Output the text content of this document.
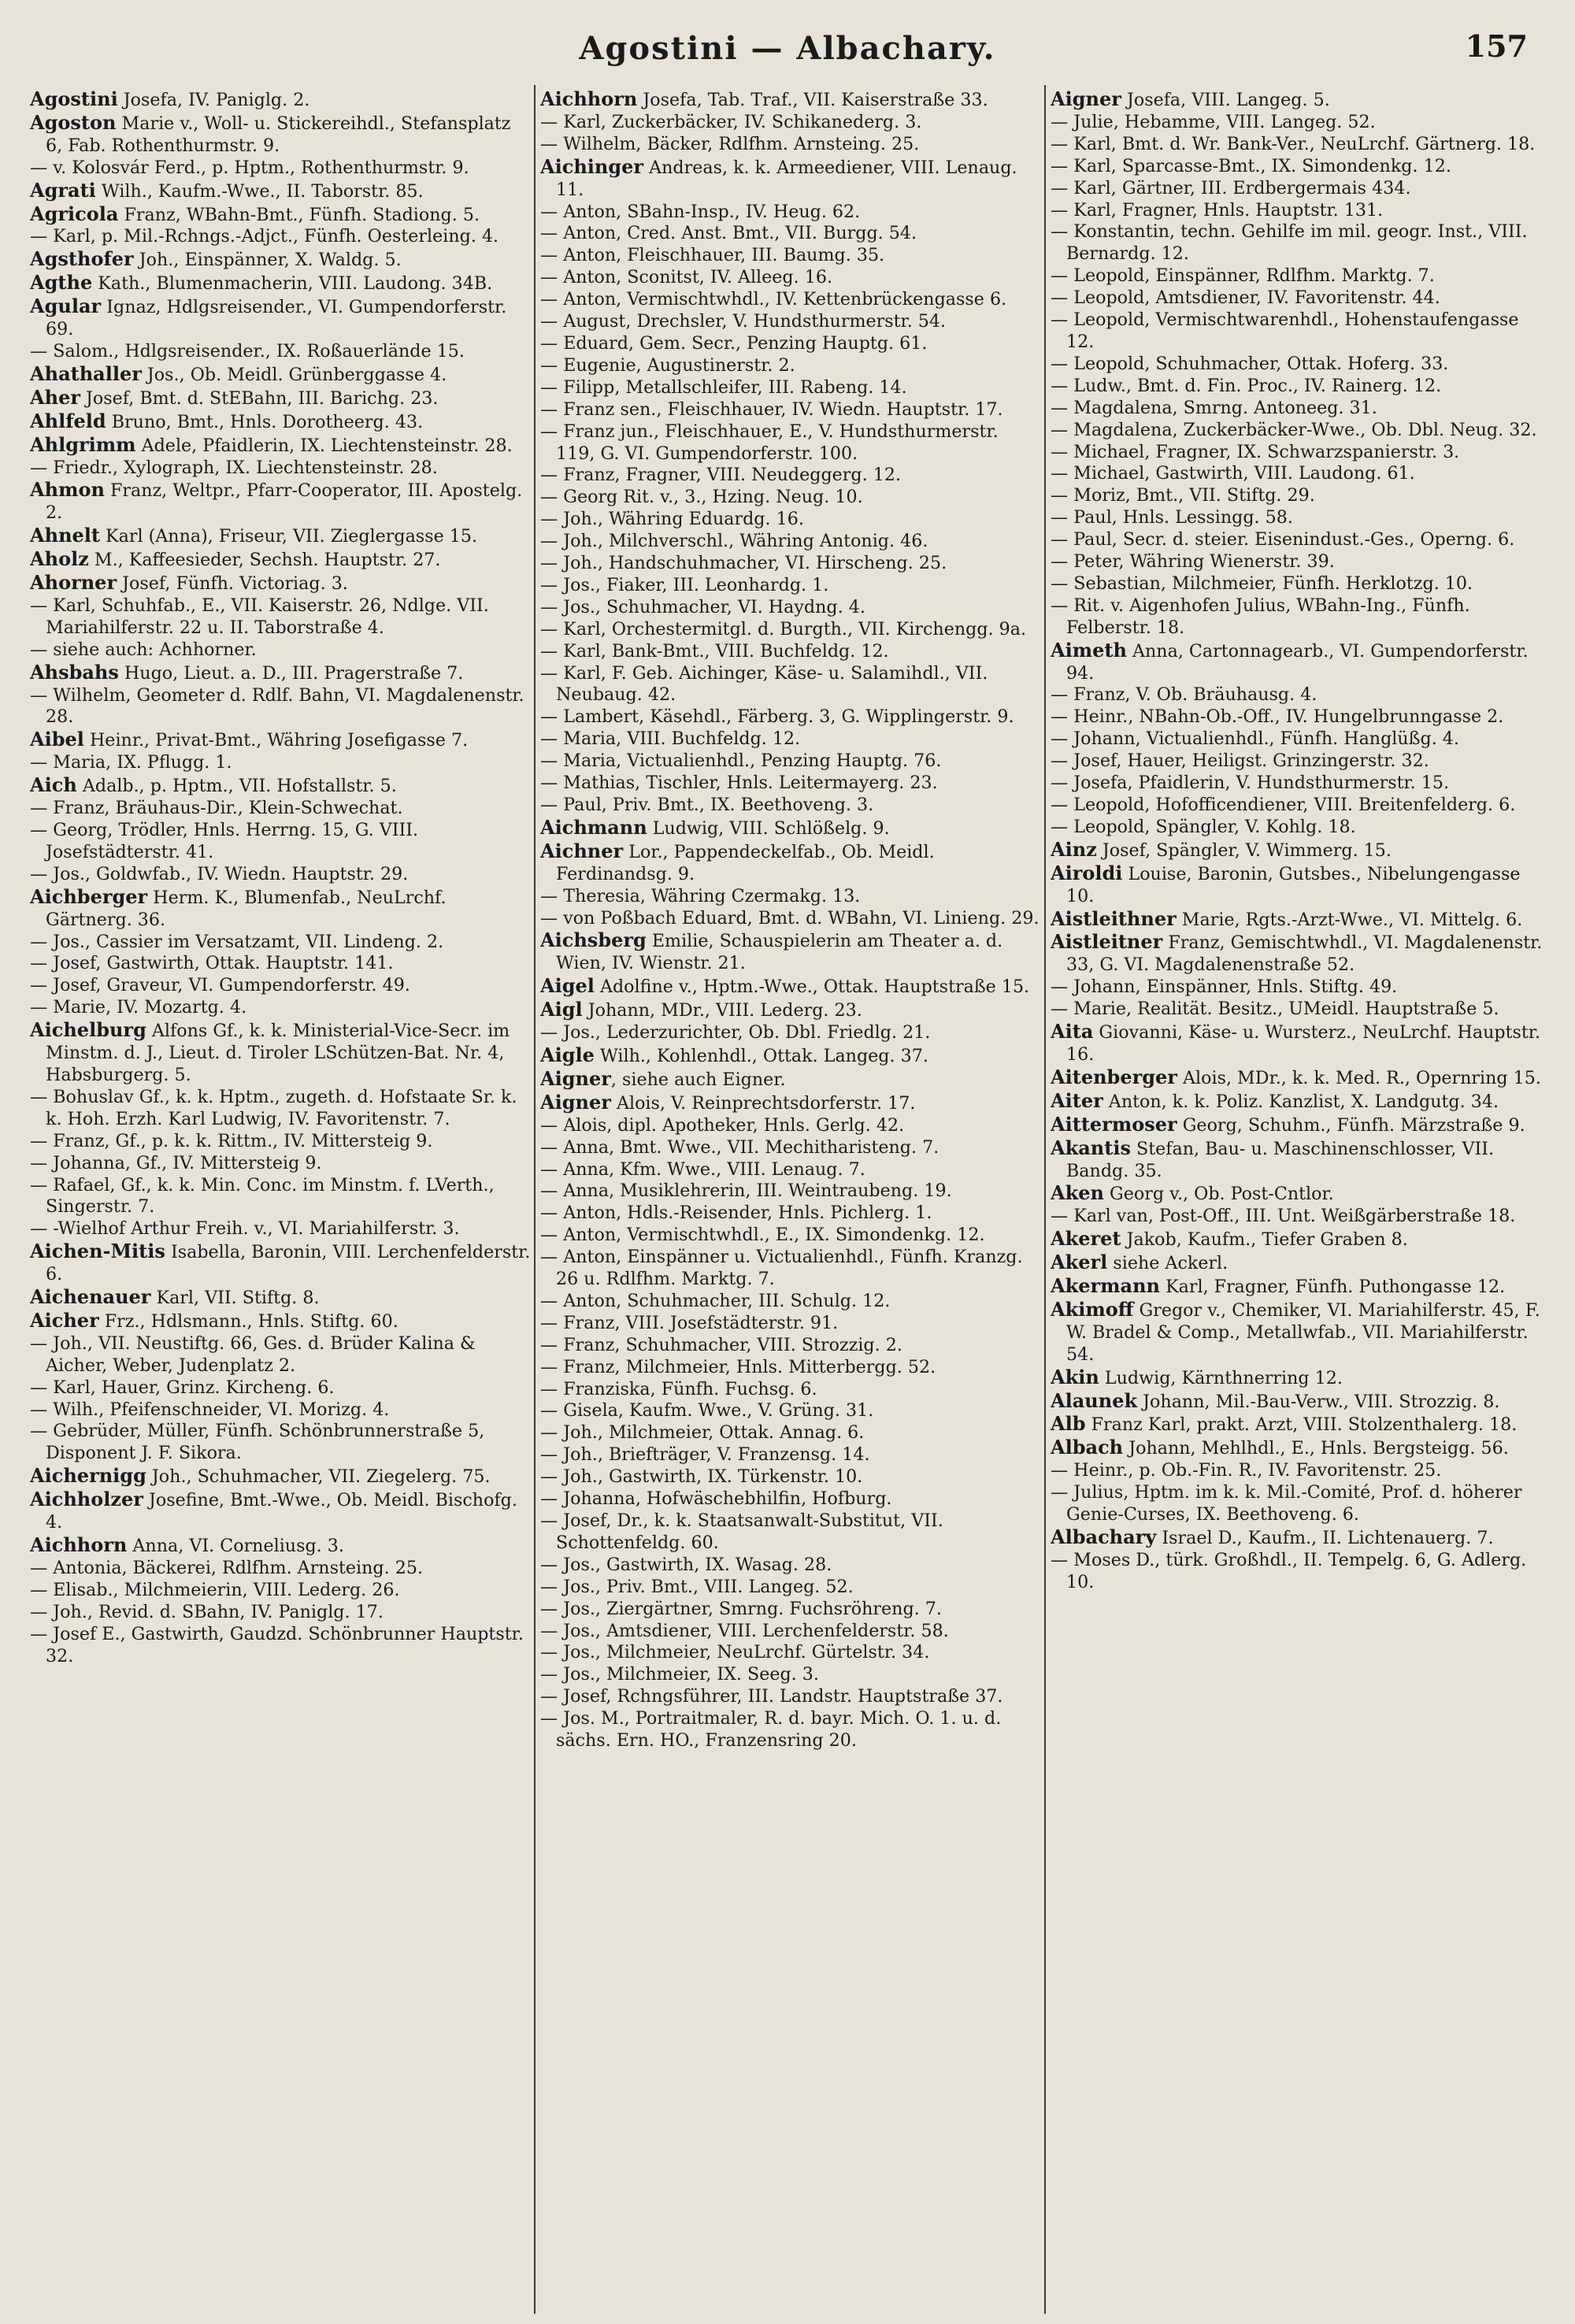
Agostini — Albachary.	157

Agostini Josefa, IV. Paniglg. 2.

Agoston Marie v., Woll- u. Stickereihdl., Stefansplatz 6, Fab. Rothenthurmstr. 9.

— v. Kolosvár Ferd., p. Hptm., Rothenthurmstr. 9.

Agrati Wilh., Kaufm.-Wwe., II. Taborstr. 85.

Agricola Franz, WBahn-Bmt., Fünfh. Stadiong. 5.

— Karl, p. Mil.-Rchngs.-Adjct., Fünfh. Oesterleing. 4.

Agsthofer Joh., Einspänner, X. Waldg. 5.

Agthe Kath., Blumenmacherin, VIII. Laudong. 34B.

Agular Ignaz, Hdlgsreisender., VI. Gumpendorferstr. 69.

— Salom., Hdlgsreisender., IX. Roßauerlände 15.

Ahathaller Jos., Ob. Meidl. Grünberggasse 4.

Aher Josef, Bmt. d. StEBahn, III. Barichg. 23.

Ahlfeld Bruno, Bmt., Hnls. Dorotheerg. 43.

Ahlgrimm Adele, Pfaidlerin, IX. Liechtensteinstr. 28.

— Friedr., Xylograph, IX. Liechtensteinstr. 28.

Ahmon Franz, Weltpr., Pfarr-Cooperator, III. Apostelg. 2.

Ahnelt Karl (Anna), Friseur, VII. Zieglergasse 15.

Aholz M., Kaffeesieder, Sechsh. Hauptstr. 27.

Ahorner Josef, Fünfh. Victoriag. 3.

— Karl, Schuhfab., E., VII. Kaiserstr. 26, Ndlge. VII. Mariahilferstr. 22 u. II. Taborstraße 4.

— siehe auch: Achhorner.

Ahsbahs Hugo, Lieut. a. D., III. Pragerstraße 7.

— Wilhelm, Geometer d. Rdlf. Bahn, VI. Magdalenenstr. 28.

Aibel Heinr., Privat-Bmt., Währing Josefigasse 7.

— Maria, IX. Pflugg. 1.

Aich Adalb., p. Hptm., VII. Hofstallstr. 5.

— Franz, Bräuhaus-Dir., Klein-Schwechat.

— Georg, Trödler, Hnls. Herrng. 15, G. VIII. Josefstädterstr. 41.

— Jos., Goldwfab., IV. Wiedn. Hauptstr. 29.

Aichberger Herm. K., Blumenfab., NeuLrchf. Gärtnerg. 36.

— Jos., Cassier im Versatzamt, VII. Lindeng. 2.

— Josef, Gastwirth, Ottak. Hauptstr. 141.

— Josef, Graveur, VI. Gumpendorferstr. 49.

— Marie, IV. Mozartg. 4.

Aichelburg Alfons Gf., k. k. Ministerial-Vice-Secr. im Minstm. d. J., Lieut. d. Tiroler LSchützen-Bat. Nr. 4, Habsburgerg. 5.

— Bohuslav Gf., k. k. Hptm., zugeth. d. Hofstaate Sr. k. k. Hoh. Erzh. Karl Ludwig, IV. Favoritenstr. 7.

— Franz, Gf., p. k. k. Rittm., IV. Mittersteig 9.

— Johanna, Gf., IV. Mittersteig 9.

— Rafael, Gf., k. k. Min. Conc. im Minstm. f. LVerth., Singerstr. 7.

— -Wielhof Arthur Freih. v., VI. Mariahilferstr. 3.

Aichen-Mitis Isabella, Baronin, VIII. Lerchenfelderstr. 6.

Aichenauer Karl, VII. Stiftg. 8.

Aicher Frz., Hdlsmann., Hnls. Stiftg. 60.

— Joh., VII. Neustiftg. 66, Ges. d. Brüder Kalina & Aicher, Weber, Judenplatz 2.

— Karl, Hauer, Grinz. Kircheng. 6.

— Wilh., Pfeifenschneider, VI. Morizg. 4.

— Gebrüder, Müller, Fünfh. Schönbrunnerstraße 5, Disponent J. F. Sikora.

Aichernigg Joh., Schuhmacher, VII. Ziegelerg. 75.

Aichholzer Josefine, Bmt.-Wwe., Ob. Meidl. Bischofg. 4.

Aichhorn Anna, VI. Corneliusg. 3.

— Antonia, Bäckerei, Rdlfhm. Arnsteing. 25.

— Elisab., Milchmeierin, VIII. Lederg. 26.

— Joh., Revid. d. SBahn, IV. Paniglg. 17.

— Josef E., Gastwirth, Gaudzd. Schönbrunner Hauptstr. 32.

Aichhorn Josefa, Tab. Traf., VII. Kaiserstraße 33.

— Karl, Zuckerbäcker, IV. Schikanederg. 3.

— Wilhelm, Bäcker, Rdlfhm. Arnsteing. 25.

Aichinger Andreas, k. k. Armeediener, VIII. Lenaug. 11.

— Anton, SBahn-Insp., IV. Heug. 62.

— Anton, Cred. Anst. Bmt., VII. Burgg. 54.

— Anton, Fleischhauer, III. Baumg. 35.

— Anton, Sconitst, IV. Alleeg. 16.

— Anton, Vermischtwhdl., IV. Kettenbrückengasse 6.

— August, Drechsler, V. Hundsthurmerstr. 54.

— Eduard, Gem. Secr., Penzing Hauptg. 61.

— Eugenie, Augustinerstr. 2.

— Filipp, Metallschleifer, III. Rabeng. 14.

— Franz sen., Fleischhauer, IV. Wiedn. Hauptstr. 17.

— Franz jun., Fleischhauer, E., V. Hundsthurmerstr. 119, G. VI. Gumpendorferstr. 100.

— Franz, Fragner, VIII. Neudeggerg. 12.

— Georg Rit. v., 3., Hzing. Neug. 10.

— Joh., Währing Eduardg. 16.

— Joh., Milchverschl., Währing Antonig. 46.

— Joh., Handschuhmacher, VI. Hirscheng. 25.

— Jos., Fiaker, III. Leonhardg. 1.

— Jos., Schuhmacher, VI. Haydng. 4.

— Karl, Orchestermitgl. d. Burgth., VII. Kirchengg. 9a.

— Karl, Bank-Bmt., VIII. Buchfeldg. 12.

— Karl, F. Geb. Aichinger, Käse- u. Salamihdl., VII. Neubaug. 42.

— Lambert, Käsehdl., Färberg. 3, G. Wipplingerstr. 9.

— Maria, VIII. Buchfeldg. 12.

— Maria, Victualienhdl., Penzing Hauptg. 76.

— Mathias, Tischler, Hnls. Leitermayerg. 23.

— Paul, Priv. Bmt., IX. Beethoveng. 3.

Aichmann Ludwig, VIII. Schlößelg. 9.

Aichner Lor., Pappendeckelfab., Ob. Meidl. Ferdinandsg. 9.

— Theresia, Währing Czermakg. 13.

— von Poßbach Eduard, Bmt. d. WBahn, VI. Linieng. 29.

Aichsberg Emilie, Schauspielerin am Theater a. d. Wien, IV. Wienstr. 21.

Aigel Adolfine v., Hptm.-Wwe., Ottak. Hauptstraße 15.

Aigl Johann, MDr., VIII. Lederg. 23.

— Jos., Lederzurichter, Ob. Dbl. Friedlg. 21.

Aigle Wilh., Kohlenhdl., Ottak. Langeg. 37.

Aigner, siehe auch Eigner.

Aigner Alois, V. Reinprechtsdorferstr. 17.

— Alois, dipl. Apotheker, Hnls. Gerlg. 42.

— Anna, Bmt. Wwe., VII. Mechitharisteng. 7.

— Anna, Kfm. Wwe., VIII. Lenaug. 7.

— Anna, Musiklehrerin, III. Weintraubeng. 19.

— Anton, Hdls.-Reisender, Hnls. Pichlerg. 1.

— Anton, Vermischtwhdl., E., IX. Simondenkg. 12.

— Anton, Einspänner u. Victualienhdl., Fünfh. Kranzg. 26 u. Rdlfhm. Marktg. 7.

— Anton, Schuhmacher, III. Schulg. 12.

— Franz, VIII. Josefstädterstr. 91.

— Franz, Schuhmacher, VIII. Strozzig. 2.

— Franz, Milchmeier, Hnls. Mitterbergg. 52.

— Franziska, Fünfh. Fuchsg. 6.

— Gisela, Kaufm. Wwe., V. Grüng. 31.

— Joh., Milchmeier, Ottak. Annag. 6.

— Joh., Briefträger, V. Franzensg. 14.

— Joh., Gastwirth, IX. Türkenstr. 10.

— Johanna, Hofwäschebhilfin, Hofburg.

— Josef, Dr., k. k. Staatsanwalt-Substitut, VII. Schottenfeldg. 60.

— Jos., Gastwirth, IX. Wasag. 28.

— Jos., Priv. Bmt., VIII. Langeg. 52.

— Jos., Ziergärtner, Smrng. Fuchsröhreng. 7.

— Jos., Amtsdiener, VIII. Lerchenfelderstr. 58.

— Jos., Milchmeier, NeuLrchf. Gürtelstr. 34.

— Jos., Milchmeier, IX. Seeg. 3.

— Josef, Rchngsführer, III. Landstr. Hauptstraße 37.

— Jos. M., Portraitmaler, R. d. bayr. Mich. O. 1. u. d. sächs. Ern. HO., Franzensring 20.

Aigner Josefa, VIII. Langeg. 5.

— Julie, Hebamme, VIII. Langeg. 52.

— Karl, Bmt. d. Wr. Bank-Ver., NeuLrchf. Gärtnerg. 18.

— Karl, Sparcasse-Bmt., IX. Simondenkg. 12.

— Karl, Gärtner, III. Erdbergermais 434.

— Karl, Fragner, Hnls. Hauptstr. 131.

— Konstantin, techn. Gehilfe im mil. geogr. Inst., VIII. Bernardg. 12.

— Leopold, Einspänner, Rdlfhm. Marktg. 7.

— Leopold, Amtsdiener, IV. Favoritenstr. 44.

— Leopold, Vermischtwarenhdl., Hohenstaufengasse 12.

— Leopold, Schuhmacher, Ottak. Hoferg. 33.

— Ludw., Bmt. d. Fin. Proc., IV. Rainerg. 12.

— Magdalena, Smrng. Antoneeg. 31.

— Magdalena, Zuckerbäcker-Wwe., Ob. Dbl. Neug. 32.

— Michael, Fragner, IX. Schwarzspanierstr. 3.

— Michael, Gastwirth, VIII. Laudong. 61.

— Moriz, Bmt., VII. Stiftg. 29.

— Paul, Hnls. Lessingg. 58.

— Paul, Secr. d. steier. Eisenindust.-Ges., Operng. 6.

— Peter, Währing Wienerstr. 39.

— Sebastian, Milchmeier, Fünfh. Herklotzg. 10.

— Rit. v. Aigenhofen Julius, WBahn-Ing., Fünfh. Felberstr. 18.

Aimeth Anna, Cartonnagearb., VI. Gumpendorferstr. 94.

— Franz, V. Ob. Bräuhausg. 4.

— Heinr., NBahn-Ob.-Off., IV. Hungelbrunngasse 2.

— Johann, Victualienhdl., Fünfh. Hanglüßg. 4.

— Josef, Hauer, Heiligst. Grinzingerstr. 32.

— Josefa, Pfaidlerin, V. Hundsthurmerstr. 15.

— Leopold, Hofofficendiener, VIII. Breitenfelderg. 6.

— Leopold, Spängler, V. Kohlg. 18.

Ainz Josef, Spängler, V. Wimmerg. 15.

Airoldi Louise, Baronin, Gutsbes., Nibelungengasse 10.

Aistleithner Marie, Rgts.-Arzt-Wwe., VI. Mittelg. 6.

Aistleitner Franz, Gemischtwhdl., VI. Magdalenenstr. 33, G. VI. Magdalenenstraße 52.

— Johann, Einspänner, Hnls. Stiftg. 49.

— Marie, Realität. Besitz., UMeidl. Hauptstraße 5.

Aita Giovanni, Käse- u. Wursterz., NeuLrchf. Hauptstr. 16.

Aitenberger Alois, MDr., k. k. Med. R., Opernring 15.

Aiter Anton, k. k. Poliz. Kanzlist, X. Landgutg. 34.

Aittermoser Georg, Schuhm., Fünfh. Märzstraße 9.

Akantis Stefan, Bau- u. Maschinenschlosser, VII. Bandg. 35.

Aken Georg v., Ob. Post-Cntlor.

— Karl van, Post-Off., III. Unt. Weißgärberstraße 18.

Akeret Jakob, Kaufm., Tiefer Graben 8.

Akerl siehe Ackerl.

Akermann Karl, Fragner, Fünfh. Puthongasse 12.

Akimoff Gregor v., Chemiker, VI. Mariahilferstr. 45, F. W. Bradel & Comp., Metallwfab., VII. Mariahilferstr. 54.

Akin Ludwig, Kärnthnerring 12.

Alaunek Johann, Mil.-Bau-Verw., VIII. Strozzig. 8.

Alb Franz Karl, prakt. Arzt, VIII. Stolzenthalerg. 18.

Albach Johann, Mehlhdl., E., Hnls. Bergsteigg. 56.

— Heinr., p. Ob.-Fin. R., IV. Favoritenstr. 25.

— Julius, Hptm. im k. k. Mil.-Comité, Prof. d. höherer Genie-Curses, IX. Beethoveng. 6.

Albachary Israel D., Kaufm., II. Lichtenauerg. 7.

— Moses D., türk. Großhdl., II. Tempelg. 6, G. Adlerg. 10.
